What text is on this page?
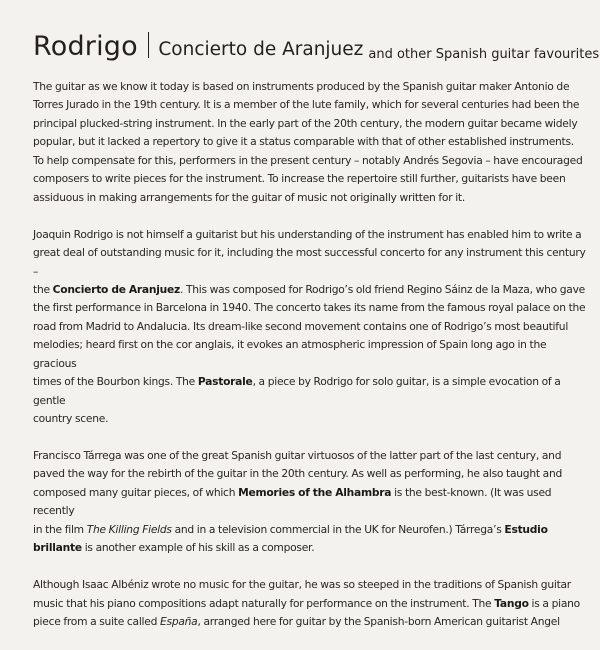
Rodrigo Concierto de Aranjuez and other Spanish guitar favourites

The guitar as we know it today is based on instruments produced by the Spanish guitar maker Antonio de
Torres Jurado in the 19th century. It is a member of the lute family, which for several centuries had been the
principal plucked-string instrument. In the early part of the 20th century, the modern guitar became widely
popular, but it lacked a repertory to give it a status comparable with that of other established instruments.
To help compensate for this, performers in the present century – notably Andrés Segovia – have encouraged
composers to write pieces for the instrument. To increase the repertoire still further, guitarists have been
assiduous in making arrangements for the guitar of music not originally written for it.

Joaquin Rodrigo is not himself a guitarist but his understanding of the instrument has enabled him to write a
great deal of outstanding music for it, including the most successful concerto for any instrument this century –
the Concierto de Aranjuez. This was composed for Rodrigo’s old friend Regino Sáinz de la Maza, who gave
the first performance in Barcelona in 1940. The concerto takes its name from the famous royal palace on the
road from Madrid to Andalucia. Its dream-like second movement contains one of Rodrigo’s most beautiful
melodies; heard first on the cor anglais, it evokes an atmospheric impression of Spain long ago in the gracious
times of the Bourbon kings. The Pastorale, a piece by Rodrigo for solo guitar, is a simple evocation of a gentle
country scene.

Francisco Tárrega was one of the great Spanish guitar virtuosos of the latter part of the last century, and
paved the way for the rebirth of the guitar in the 20th century. As well as performing, he also taught and
composed many guitar pieces, of which Memories of the Alhambra is the best-known. (It was used recently
in the film The Killing Fields and in a television commercial in the UK for Neurofen.) Tárrega’s Estudio
brillante is another example of his skill as a composer.

Although Isaac Albéniz wrote no music for the guitar, he was so steeped in the traditions of Spanish guitar
music that his piano compositions adapt naturally for performance on the instrument. The Tango is a piano
piece from a suite called España, arranged here for guitar by the Spanish-born American guitarist Angel
